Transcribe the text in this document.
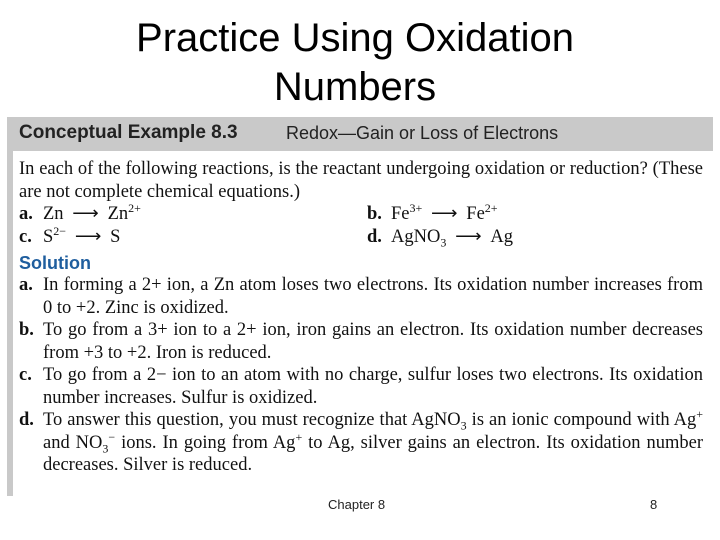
Practice Using Oxidation
Numbers
Conceptual Example 8.3	Redox—Gain or Loss of Electrons

In each of the following reactions, is the reactant undergoing oxidation or reduction? (These are not complete chemical equations.)

a. Zn ⟶ $Zn^{2+}$	b. $Fe^{3+}$ ⟶ $Fe^{2+}$
c. $S^{2-}$ ⟶ S	d. AgNO$_3$ ⟶ Ag
Solution
a. In forming a 2+ ion, a Zn atom loses two electrons. Its oxidation number increases from 0 to +2. Zinc is oxidized.
b. To go from a 3+ ion to a 2+ ion, iron gains an electron. Its oxidation number decreases from +3 to +2. Iron is reduced.
c. To go from a 2− ion to an atom with no charge, sulfur loses two electrons. Its oxidation number increases. Sulfur is oxidized.
d. To answer this question, you must recognize that AgNO$_3$ is an ionic compound with Ag+ and $NO_3^-$ ions. In going from Ag+ to Ag, silver gains an electron. Its oxidation number decreases. Silver is reduced.
Chapter 8	8
